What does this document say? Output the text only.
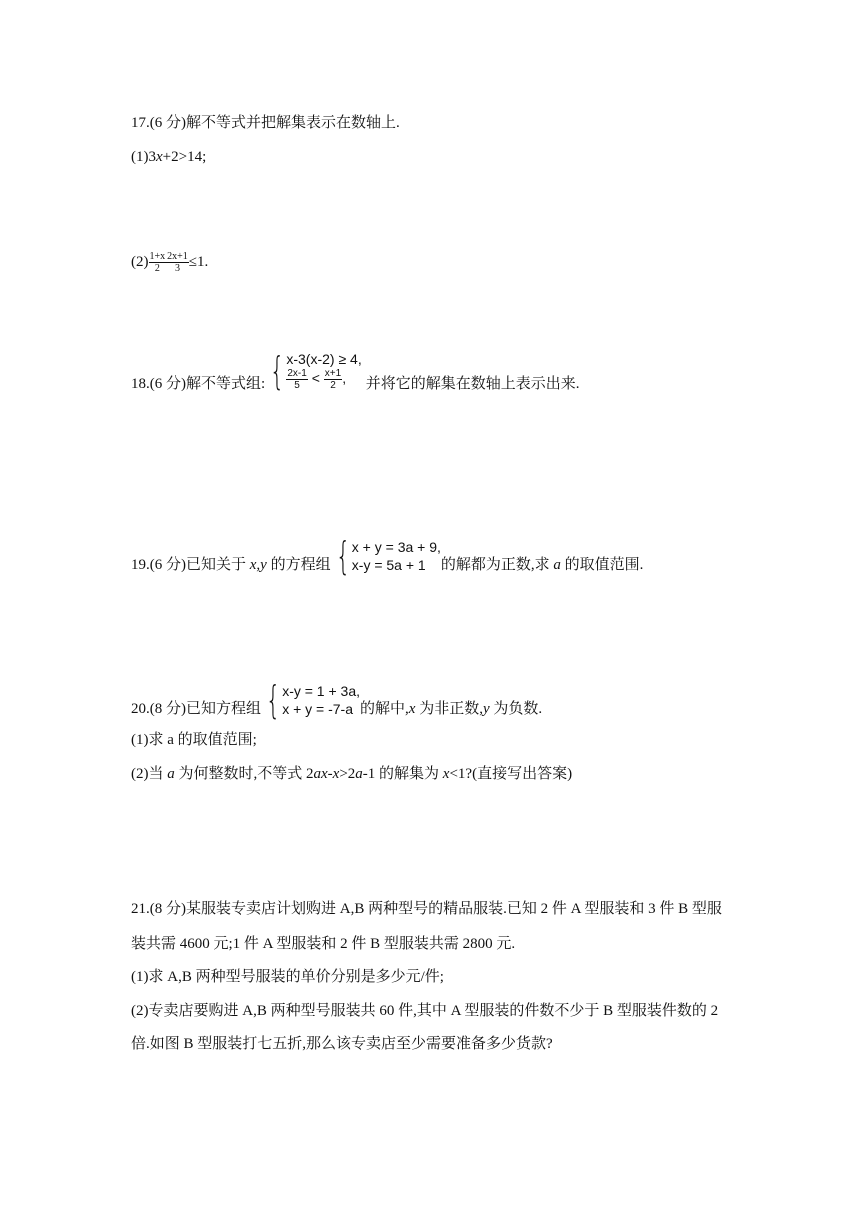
17.(6 分)解不等式并把解集表示在数轴上.
(1)3x+2>14;
$(2) \frac{1+x}{2} \frac{2x+1}{3} \le 1$.
18.(6 分)解不等式组: { x-3(x-2) ≥ 4,
$\frac{2x-1}{5} < \frac{x+1}{2}$ ,	并将它的解集在数轴上表示出来.
19.(6 分)已知关于 x,y 的方程组 { x + y = 3a + 9,
x-y = 5a + 1	的解都为正数,求 a 的取值范围.
20.(8 分)已知方程组 { x-y = 1 + 3a,
x + y = -7-a 的解中,x 为非正数,y 为负数.
(1)求 a 的取值范围;
(2)当 a 为何整数时,不等式 2ax-x>2a-1 的解集为 x<1?(直接写出答案)
21.(8 分)某服装专卖店计划购进 A,B 两种型号的精品服装.已知 2 件 A 型服装和 3 件 B 型服
装共需 4600 元;1 件 A 型服装和 2 件 B 型服装共需 2800 元.
(1)求 A,B 两种型号服装的单价分别是多少元/件;
(2)专卖店要购进 A,B 两种型号服装共 60 件,其中 A 型服装的件数不少于 B 型服装件数的 2
倍.如图 B 型服装打七五折,那么该专卖店至少需要准备多少货款?
